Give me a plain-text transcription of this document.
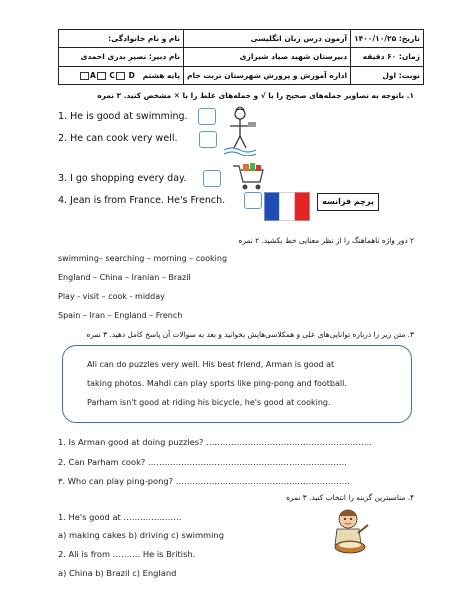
نام و نام خانوادگی:	آزمون درس زبان انگلیسی	تاریخ: ۱۴۰۰/۱۰/۲۵
نام دبیر: نصیر بدری احمدی	دبیرستان شهید صیاد شیرازی	زمان: ۶۰ دقیقه
پایه هشتم   A C D	اداره آموزش و پرورش شهرستان تربت جام	نوبت: اول
۱. باتوجه به تصاویر جمله‌های صحیح را با √ و جمله‌های غلط را با ✕ مشخص کنید. ۲ نمره
1. He is good at swimming.
2. He can cook very well.
3. I go shopping every day.
4. Jean is from France. He's French.	پرچم فرانسه
۲ دور واژه ناهماهنگ را از نظر معنایی خط بکشید. ۲ نمره
swimming– searching – morning – cooking
England – China – Iranian – Brazil
Play - visit – cook - midday
Spain – Iran – England – French
۳. متن زیر را درباره توانایی‌های علی و همکلاسی‌هایش بخوانید و بعد به سوالات آن پاسخ کامل دهید. ۳ نمره
Ali can do puzzles very well. His best friend, Arman is good at
taking photos. Mahdi can play sports like ping-pong and football.
Parham isn't good at riding his bicycle, he's good at cooking.
1. Is Arman good at doing puzzles? ……………………………………………………
2. Can Parham cook? ………………………………………………………………
۳. Who can play ping-pong? ………………………………………………………
۴. مناسبترین گزینه را انتخاب کنید. ۳ نمره
1. He's good at …………………
a) making cakes b) driving c) swimming
2. Ali is from ………. He is British.
a) China b) Brazil c) England
